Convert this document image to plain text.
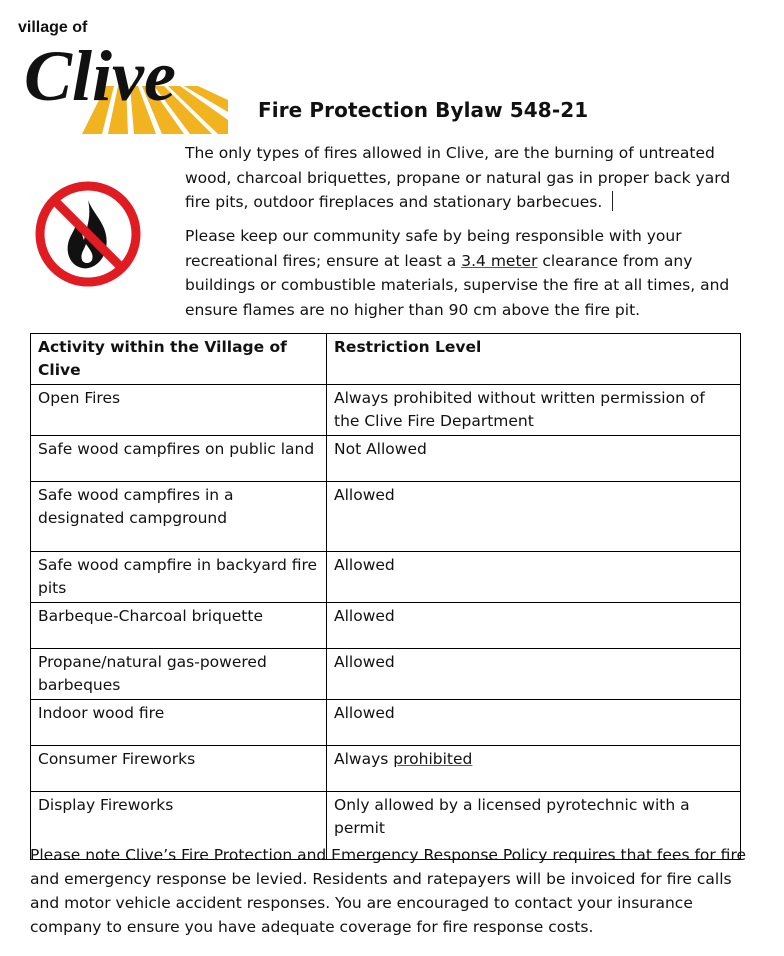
village of
Clive	Fire Protection Bylaw 548-21
The only types of fires allowed in Clive, are the burning of untreated wood, charcoal briquettes, propane or natural gas in proper back yard fire pits, outdoor fireplaces and stationary barbecues.
Please keep our community safe by being responsible with your recreational fires; ensure at least a 3.4 meter clearance from any buildings or combustible materials, supervise the fire at all times, and ensure flames are no higher than 90 cm above the fire pit.
Activity within the Village of Clive	Restriction Level
Open Fires	Always prohibited without written permission of the Clive Fire Department
Safe wood campfires on public land	Not Allowed
Safe wood campfires in a designated campground	Allowed
Safe wood campfire in backyard fire pits	Allowed
Barbeque-Charcoal briquette	Allowed
Propane/natural gas-powered barbeques	Allowed
Indoor wood fire	Allowed
Consumer Fireworks	Always prohibited
Display Fireworks	Only allowed by a licensed pyrotechnic with a permit
Please note Clive’s Fire Protection and Emergency Response Policy requires that fees for fire and emergency response be levied. Residents and ratepayers will be invoiced for fire calls and motor vehicle accident responses. You are encouraged to contact your insurance company to ensure you have adequate coverage for fire response costs.
